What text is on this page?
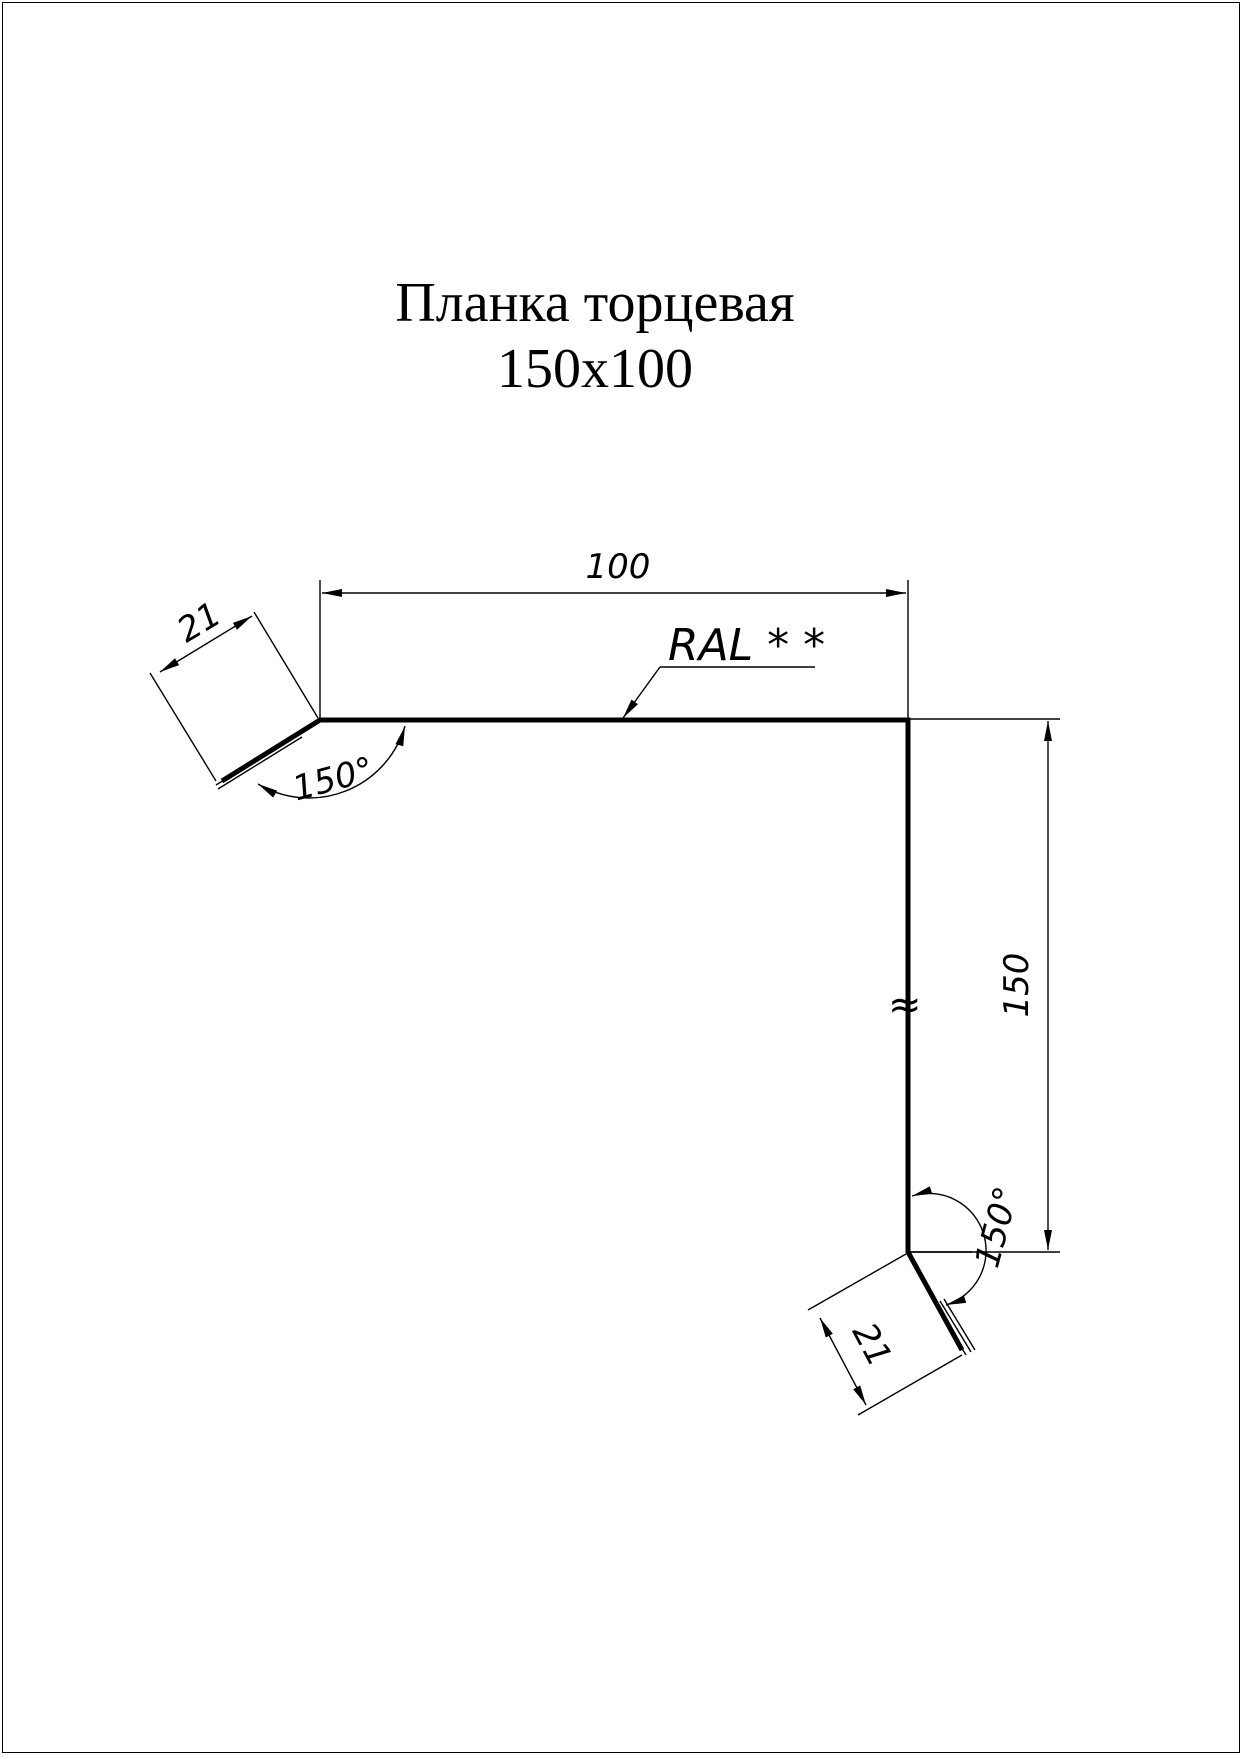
Планка торцевая
150x100
100
150
≈
21
150°
RAL * *
150°
21
